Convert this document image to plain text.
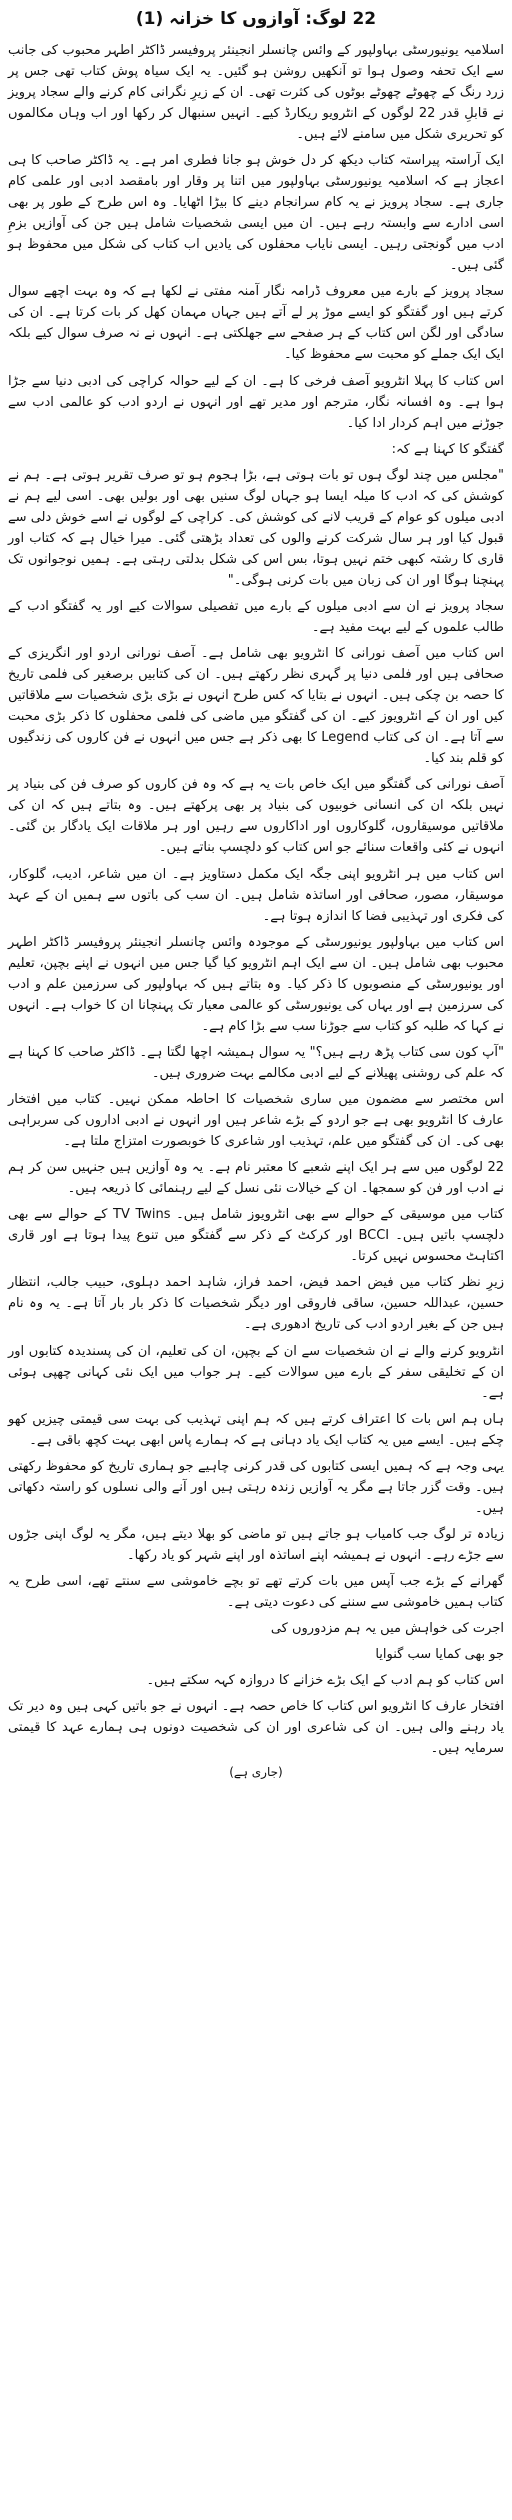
22 لوگ: آوازوں کا خزانہ (1)

اسلامیہ یونیورسٹی بہاولپور کے وائس چانسلر انجینئر پروفیسر ڈاکٹر اطہر محبوب کی جانب سے ایک تحفہ وصول ہوا تو آنکھیں روشن ہو گئیں۔ یہ ایک سیاہ پوش کتاب تھی جس پر زرد رنگ کے چھوٹے چھوٹے بوٹوں کی کثرت تھی۔ ان کے زیرِ نگرانی کام کرنے والے سجاد پرویز نے قابلِ قدر 22 لوگوں کے انٹرویو ریکارڈ کیے۔ انہیں سنبھال کر رکھا اور اب وہاں مکالموں کو تحریری شکل میں سامنے لائے ہیں۔

ایک آراستہ پیراستہ کتاب دیکھ کر دل خوش ہو جانا فطری امر ہے۔ یہ ڈاکٹر صاحب کا ہی اعجاز ہے کہ اسلامیہ یونیورسٹی بہاولپور میں اتنا پر وقار اور بامقصد ادبی اور علمی کام جاری ہے۔ سجاد پرویز نے یہ کام سرانجام دینے کا بیڑا اٹھایا۔ وہ اس طرح کے طور پر بھی اسی ادارے سے وابستہ رہے ہیں۔ ان میں ایسی شخصیات شامل ہیں جن کی آوازیں بزمِ ادب میں گونجتی رہیں۔ ایسی نایاب محفلوں کی یادیں اب کتاب کی شکل میں محفوظ ہو گئی ہیں۔

سجاد پرویز کے بارے میں معروف ڈرامہ نگار آمنہ مفتی نے لکھا ہے کہ وہ بہت اچھے سوال کرتے ہیں اور گفتگو کو ایسے موڑ پر لے آتے ہیں جہاں مہمان کھل کر بات کرتا ہے۔ ان کی سادگی اور لگن اس کتاب کے ہر صفحے سے جھلکتی ہے۔ انہوں نے نہ صرف سوال کیے بلکہ ایک ایک جملے کو محبت سے محفوظ کیا۔

اس کتاب کا پہلا انٹرویو آصف فرخی کا ہے۔ ان کے لیے حوالہ کراچی کی ادبی دنیا سے جڑا ہوا ہے۔ وہ افسانہ نگار، مترجم اور مدیر تھے اور انہوں نے اردو ادب کو عالمی ادب سے جوڑنے میں اہم کردار ادا کیا۔

گفتگو کا کہنا ہے کہ:

"مجلس میں چند لوگ ہوں تو بات ہوتی ہے، بڑا ہجوم ہو تو صرف تقریر ہوتی ہے۔ ہم نے کوشش کی کہ ادب کا میلہ ایسا ہو جہاں لوگ سنیں بھی اور بولیں بھی۔ اسی لیے ہم نے ادبی میلوں کو عوام کے قریب لانے کی کوشش کی۔ کراچی کے لوگوں نے اسے خوش دلی سے قبول کیا اور ہر سال شرکت کرنے والوں کی تعداد بڑھتی گئی۔ میرا خیال ہے کہ کتاب اور قاری کا رشتہ کبھی ختم نہیں ہوتا، بس اس کی شکل بدلتی رہتی ہے۔ ہمیں نوجوانوں تک پہنچنا ہوگا اور ان کی زبان میں بات کرنی ہوگی۔"

سجاد پرویز نے ان سے ادبی میلوں کے بارے میں تفصیلی سوالات کیے اور یہ گفتگو ادب کے طالب علموں کے لیے بہت مفید ہے۔

اس کتاب میں آصف نورانی کا انٹرویو بھی شامل ہے۔ آصف نورانی اردو اور انگریزی کے صحافی ہیں اور فلمی دنیا پر گہری نظر رکھتے ہیں۔ ان کی کتابیں برصغیر کی فلمی تاریخ کا حصہ بن چکی ہیں۔ انہوں نے بتایا کہ کس طرح انہوں نے بڑی بڑی شخصیات سے ملاقاتیں کیں اور ان کے انٹرویوز کیے۔ ان کی گفتگو میں ماضی کی فلمی محفلوں کا ذکر بڑی محبت سے آتا ہے۔ ان کی کتاب Legend کا بھی ذکر ہے جس میں انہوں نے فن کاروں کی زندگیوں کو قلم بند کیا۔

آصف نورانی کی گفتگو میں ایک خاص بات یہ ہے کہ وہ فن کاروں کو صرف فن کی بنیاد پر نہیں بلکہ ان کی انسانی خوبیوں کی بنیاد پر بھی پرکھتے ہیں۔ وہ بتاتے ہیں کہ ان کی ملاقاتیں موسیقاروں، گلوکاروں اور اداکاروں سے رہیں اور ہر ملاقات ایک یادگار بن گئی۔ انہوں نے کئی واقعات سنائے جو اس کتاب کو دلچسپ بناتے ہیں۔

اس کتاب میں ہر انٹرویو اپنی جگہ ایک مکمل دستاویز ہے۔ ان میں شاعر، ادیب، گلوکار، موسیقار، مصور، صحافی اور اساتذہ شامل ہیں۔ ان سب کی باتوں سے ہمیں ان کے عہد کی فکری اور تہذیبی فضا کا اندازہ ہوتا ہے۔

اس کتاب میں بہاولپور یونیورسٹی کے موجودہ وائس چانسلر انجینئر پروفیسر ڈاکٹر اطہر محبوب بھی شامل ہیں۔ ان سے ایک اہم انٹرویو کیا گیا جس میں انہوں نے اپنے بچپن، تعلیم اور یونیورسٹی کے منصوبوں کا ذکر کیا۔ وہ بتاتے ہیں کہ بہاولپور کی سرزمین علم و ادب کی سرزمین ہے اور یہاں کی یونیورسٹی کو عالمی معیار تک پہنچانا ان کا خواب ہے۔ انہوں نے کہا کہ طلبہ کو کتاب سے جوڑنا سب سے بڑا کام ہے۔

"آپ کون سی کتاب پڑھ رہے ہیں؟" یہ سوال ہمیشہ اچھا لگتا ہے۔ ڈاکٹر صاحب کا کہنا ہے کہ علم کی روشنی پھیلانے کے لیے ادبی مکالمے بہت ضروری ہیں۔

اس مختصر سے مضمون میں ساری شخصیات کا احاطہ ممکن نہیں۔ کتاب میں افتخار عارف کا انٹرویو بھی ہے جو اردو کے بڑے شاعر ہیں اور انہوں نے ادبی اداروں کی سربراہی بھی کی۔ ان کی گفتگو میں علم، تہذیب اور شاعری کا خوبصورت امتزاج ملتا ہے۔

22 لوگوں میں سے ہر ایک اپنے شعبے کا معتبر نام ہے۔ یہ وہ آوازیں ہیں جنہیں سن کر ہم نے ادب اور فن کو سمجھا۔ ان کے خیالات نئی نسل کے لیے رہنمائی کا ذریعہ ہیں۔

کتاب میں موسیقی کے حوالے سے بھی انٹرویوز شامل ہیں۔ TV Twins کے حوالے سے بھی دلچسپ باتیں ہیں۔ BCCI اور کرکٹ کے ذکر سے گفتگو میں تنوع پیدا ہوتا ہے اور قاری اکتاہٹ محسوس نہیں کرتا۔

زیرِ نظر کتاب میں فیض احمد فیض، احمد فراز، شاہد احمد دہلوی، حبیب جالب، انتظار حسین، عبداللہ حسین، ساقی فاروقی اور دیگر شخصیات کا ذکر بار بار آتا ہے۔ یہ وہ نام ہیں جن کے بغیر اردو ادب کی تاریخ ادھوری ہے۔

انٹرویو کرنے والے نے ان شخصیات سے ان کے بچپن، ان کی تعلیم، ان کی پسندیدہ کتابوں اور ان کے تخلیقی سفر کے بارے میں سوالات کیے۔ ہر جواب میں ایک نئی کہانی چھپی ہوئی ہے۔

ہاں ہم اس بات کا اعتراف کرتے ہیں کہ ہم اپنی تہذیب کی بہت سی قیمتی چیزیں کھو چکے ہیں۔ ایسے میں یہ کتاب ایک یاد دہانی ہے کہ ہمارے پاس ابھی بہت کچھ باقی ہے۔

یہی وجہ ہے کہ ہمیں ایسی کتابوں کی قدر کرنی چاہیے جو ہماری تاریخ کو محفوظ رکھتی ہیں۔ وقت گزر جاتا ہے مگر یہ آوازیں زندہ رہتی ہیں اور آنے والی نسلوں کو راستہ دکھاتی ہیں۔

زیادہ تر لوگ جب کامیاب ہو جاتے ہیں تو ماضی کو بھلا دیتے ہیں، مگر یہ لوگ اپنی جڑوں سے جڑے رہے۔ انہوں نے ہمیشہ اپنے اساتذہ اور اپنے شہر کو یاد رکھا۔

گھرانے کے بڑے جب آپس میں بات کرتے تھے تو بچے خاموشی سے سنتے تھے، اسی طرح یہ کتاب ہمیں خاموشی سے سننے کی دعوت دیتی ہے۔

اجرت کی خواہش میں یہ ہم مزدوروں کی

جو بھی کمایا سب گنوایا

اس کتاب کو ہم ادب کے ایک بڑے خزانے کا دروازہ کہہ سکتے ہیں۔

افتخار عارف کا انٹرویو اس کتاب کا خاص حصہ ہے۔ انہوں نے جو باتیں کہی ہیں وہ دیر تک یاد رہنے والی ہیں۔ ان کی شاعری اور ان کی شخصیت دونوں ہی ہمارے عہد کا قیمتی سرمایہ ہیں۔

(جاری ہے)
